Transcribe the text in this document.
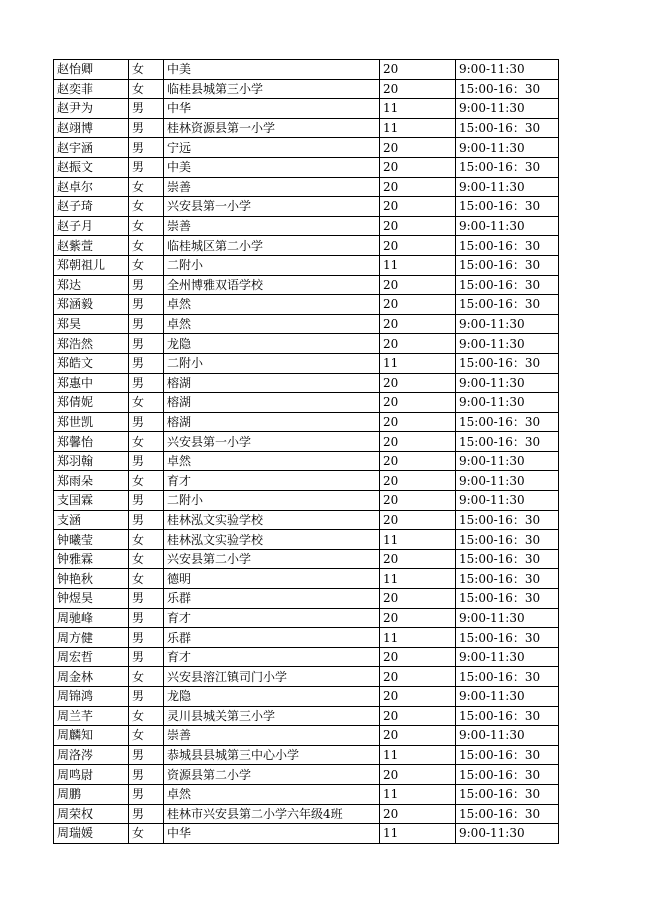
赵怡卿	女	中美	20	9:00-11:30
赵奕菲	女	临桂县城第三小学	20	15:00-16：30
赵尹为	男	中华	11	9:00-11:30
赵翊博	男	桂林资源县第一小学	11	15:00-16：30
赵宇涵	男	宁远	20	9:00-11:30
赵振文	男	中美	20	15:00-16：30
赵卓尔	女	崇善	20	9:00-11:30
赵子琦	女	兴安县第一小学	20	15:00-16：30
赵子月	女	崇善	20	9:00-11:30
赵紫萱	女	临桂城区第二小学	20	15:00-16：30
郑朝祖儿	女	二附小	11	15:00-16：30
郑达	男	全州博雅双语学校	20	15:00-16：30
郑涵毅	男	卓然	20	15:00-16：30
郑昊	男	卓然	20	9:00-11:30
郑浩然	男	龙隐	20	9:00-11:30
郑皓文	男	二附小	11	15:00-16：30
郑惠中	男	榕湖	20	9:00-11:30
郑倩妮	女	榕湖	20	9:00-11:30
郑世凯	男	榕湖	20	15:00-16：30
郑馨怡	女	兴安县第一小学	20	15:00-16：30
郑羽翰	男	卓然	20	9:00-11:30
郑雨朵	女	育才	20	9:00-11:30
支国霖	男	二附小	20	9:00-11:30
支涵	男	桂林泓文实验学校	20	15:00-16：30
钟曦莹	女	桂林泓文实验学校	11	15:00-16：30
钟雅霖	女	兴安县第二小学	20	15:00-16：30
钟艳秋	女	德明	11	15:00-16：30
钟煜昊	男	乐群	20	15:00-16：30
周驰峰	男	育才	20	9:00-11:30
周方健	男	乐群	11	15:00-16：30
周宏哲	男	育才	20	9:00-11:30
周金林	女	兴安县溶江镇司门小学	20	15:00-16：30
周锦鸿	男	龙隐	20	9:00-11:30
周兰芊	女	灵川县城关第三小学	20	15:00-16：30
周麟知	女	崇善	20	9:00-11:30
周洛涔	男	恭城县县城第三中心小学	11	15:00-16：30
周鸣尉	男	资源县第二小学	20	15:00-16：30
周鹏	男	卓然	11	15:00-16：30
周荣权	男	桂林市兴安县第二小学六年级4班	20	15:00-16：30
周瑞媛	女	中华	11	9:00-11:30
